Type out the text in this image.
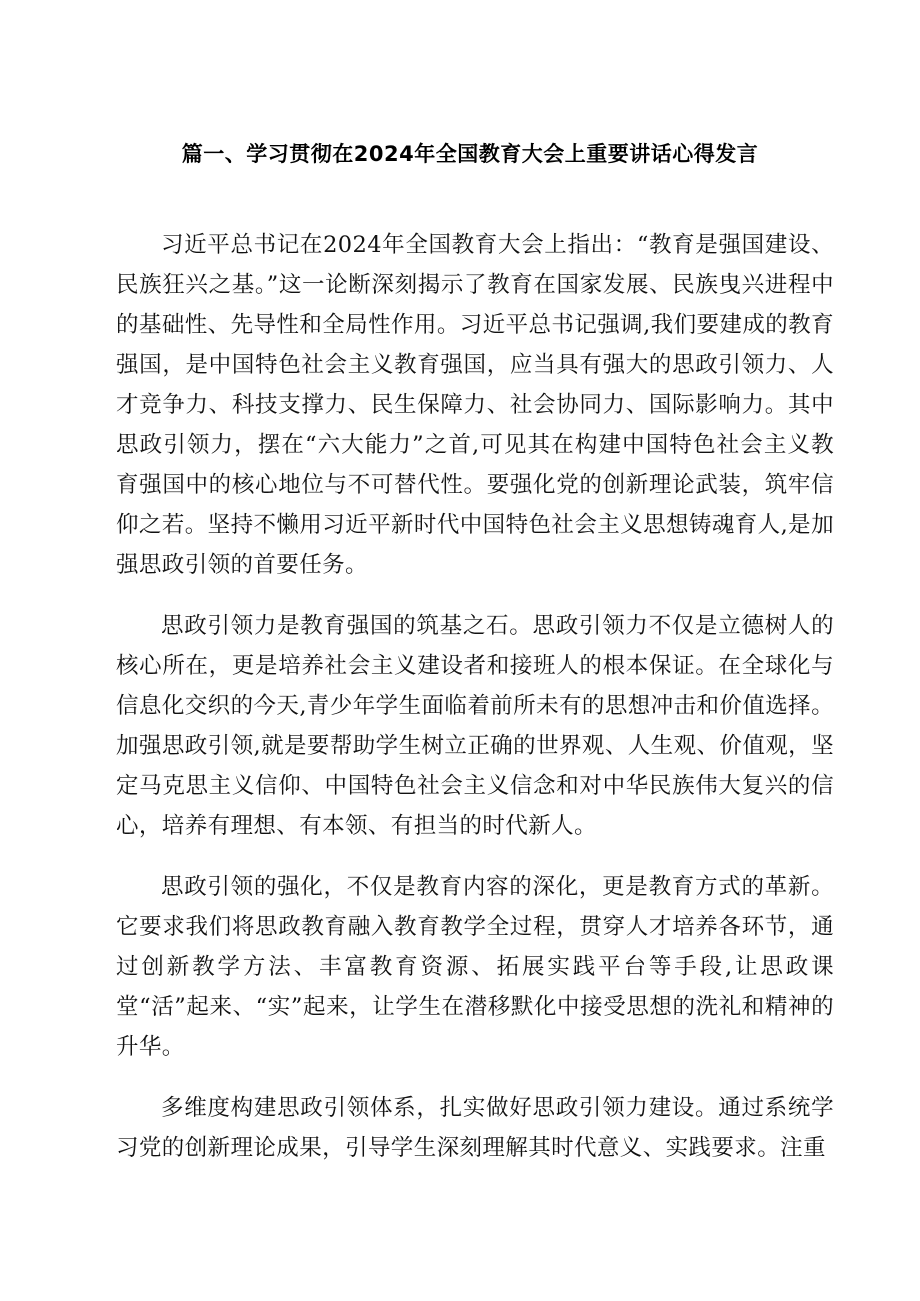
篇一、学习贯彻在2024年全国教育大会上重要讲话心得发言

习近平总书记在2024年全国教育大会上指出：“教育是强国建设、民族狂兴之基。”这一论断深刻揭示了教育在国家发展、民族曳兴进程中的基础性、先导性和全局性作用。习近平总书记强调,我们要建成的教育强国，是中国特色社会主义教育强国，应当具有强大的思政引领力、人才竞争力、科技支撑力、民生保障力、社会协同力、国际影响力。其中思政引领力，摆在“六大能力”之首,可见其在构建中国特色社会主义教育强国中的核心地位与不可替代性。要强化党的创新理论武装，筑牢信仰之若。坚持不懒用习近平新时代中国特色社会主义思想铸魂育人,是加强思政引领的首要任务。

思政引领力是教育强国的筑基之石。思政引领力不仅是立德树人的核心所在，更是培养社会主义建设者和接班人的根本保证。在全球化与信息化交织的今天,青少年学生面临着前所未有的思想冲击和价值选择。加强思政引领,就是要帮助学生树立正确的世界观、人生观、价值观，坚定马克思主义信仰、中国特色社会主义信念和对中华民族伟大复兴的信心，培养有理想、有本领、有担当的时代新人。

思政引领的强化，不仅是教育内容的深化，更是教育方式的革新。它要求我们将思政教育融入教育教学全过程，贯穿人才培养各环节，通过创新教学方法、丰富教育资源、拓展实践平台等手段,让思政课堂“活”起来、“实”起来，让学生在潜移默化中接受思想的洗礼和精神的升华。

多维度构建思政引领体系，扎实做好思政引领力建设。通过系统学习党的创新理论成果，引导学生深刻理解其时代意义、实践要求。注重
